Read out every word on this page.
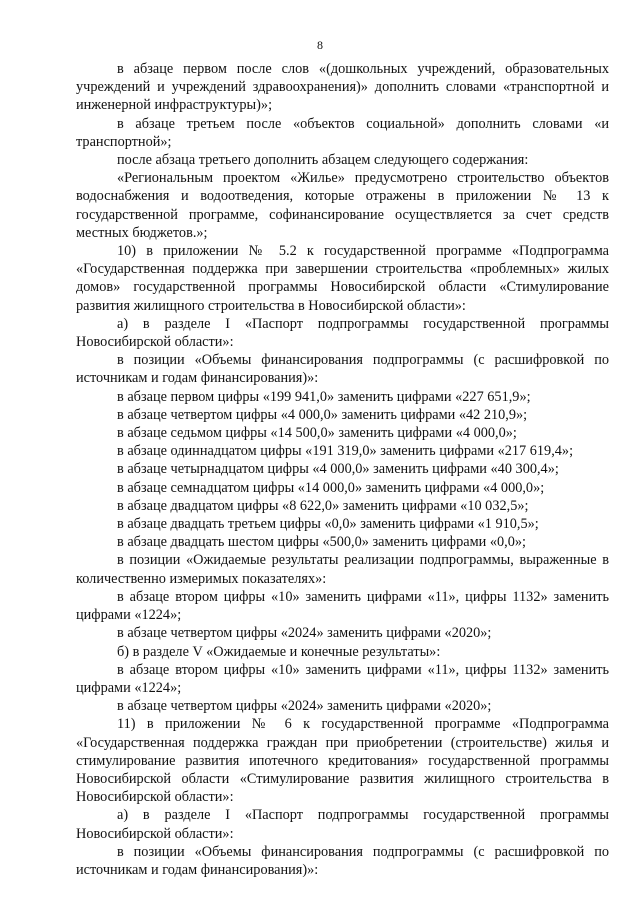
8

в абзаце первом после слов «(дошкольных учреждений, образовательных учреждений и учреждений здравоохранения)» дополнить словами «транспортной и инженерной инфраструктуры)»;

в абзаце третьем после «объектов социальной» дополнить словами «и транспортной»;

после абзаца третьего дополнить абзацем следующего содержания:

«Региональным проектом «Жилье» предусмотрено строительство объектов водоснабжения и водоотведения, которые отражены в приложении № 13 к государственной программе, софинансирование осуществляется за счет средств местных бюджетов.»;

10) в приложении № 5.2 к государственной программе «Подпрограмма «Государственная поддержка при завершении строительства «проблемных» жилых домов» государственной программы Новосибирской области «Стимулирование развития жилищного строительства в Новосибирской области»:

а) в разделе I «Паспорт подпрограммы государственной программы Новосибирской области»:

в позиции «Объемы финансирования подпрограммы (с расшифровкой по источникам и годам финансирования)»:

в абзаце первом цифры «199 941,0» заменить цифрами «227 651,9»;

в абзаце четвертом цифры «4 000,0» заменить цифрами «42 210,9»;

в абзаце седьмом цифры «14 500,0» заменить цифрами «4 000,0»;

в абзаце одиннадцатом цифры «191 319,0» заменить цифрами «217 619,4»;

в абзаце четырнадцатом цифры «4 000,0» заменить цифрами «40 300,4»;

в абзаце семнадцатом цифры «14 000,0» заменить цифрами «4 000,0»;

в абзаце двадцатом цифры «8 622,0» заменить цифрами «10 032,5»;

в абзаце двадцать третьем цифры «0,0» заменить цифрами «1 910,5»;

в абзаце двадцать шестом цифры «500,0» заменить цифрами «0,0»;

в позиции «Ожидаемые результаты реализации подпрограммы, выраженные в количественно измеримых показателях»:

в абзаце втором цифры «10» заменить цифрами «11», цифры 1132» заменить цифрами «1224»;

в абзаце четвертом цифры «2024» заменить цифрами «2020»;

б) в разделе V «Ожидаемые и конечные результаты»:

в абзаце втором цифры «10» заменить цифрами «11», цифры 1132» заменить цифрами «1224»;

в абзаце четвертом цифры «2024» заменить цифрами «2020»;

11) в приложении № 6 к государственной программе «Подпрограмма «Государственная поддержка граждан при приобретении (строительстве) жилья и стимулирование развития ипотечного кредитования» государственной программы Новосибирской области «Стимулирование развития жилищного строительства в Новосибирской области»:

а) в разделе I «Паспорт подпрограммы государственной программы Новосибирской области»:

в позиции «Объемы финансирования подпрограммы (с расшифровкой по источникам и годам финансирования)»:
